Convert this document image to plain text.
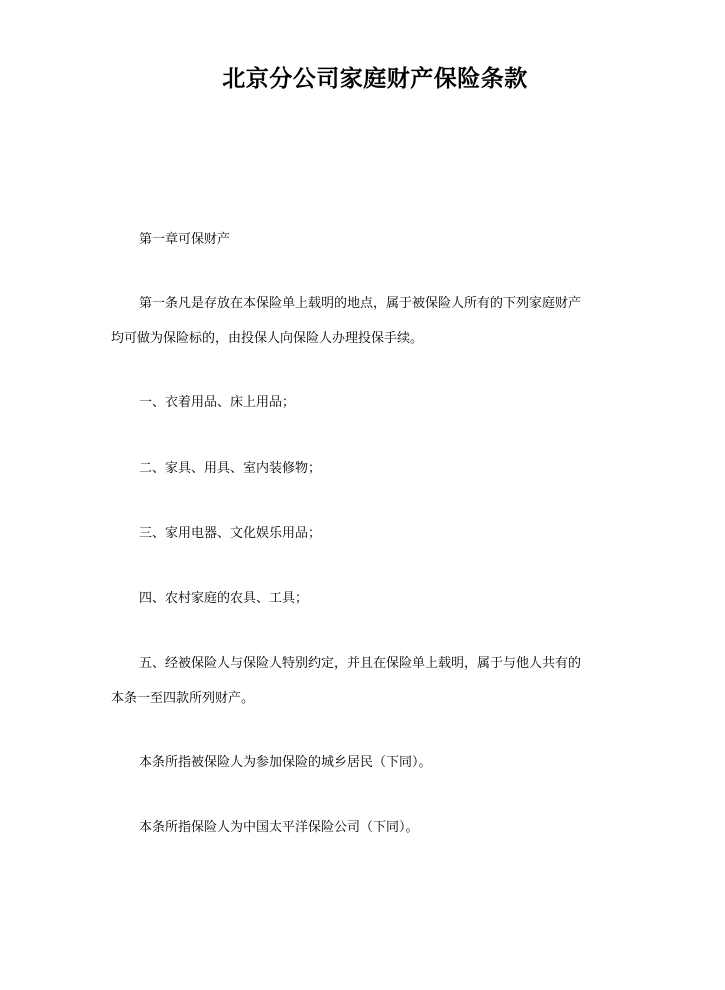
北京分公司家庭财产保险条款
第一章可保财产
第一条凡是存放在本保险单上载明的地点，属于被保险人所有的下列家庭财产
均可做为保险标的，由投保人向保险人办理投保手续。
一、衣着用品、床上用品；
二、家具、用具、室内装修物；
三、家用电器、文化娱乐用品；
四、农村家庭的农具、工具；
五、经被保险人与保险人特别约定，并且在保险单上载明，属于与他人共有的
本条一至四款所列财产。
本条所指被保险人为参加保险的城乡居民（下同）。
本条所指保险人为中国太平洋保险公司（下同）。
